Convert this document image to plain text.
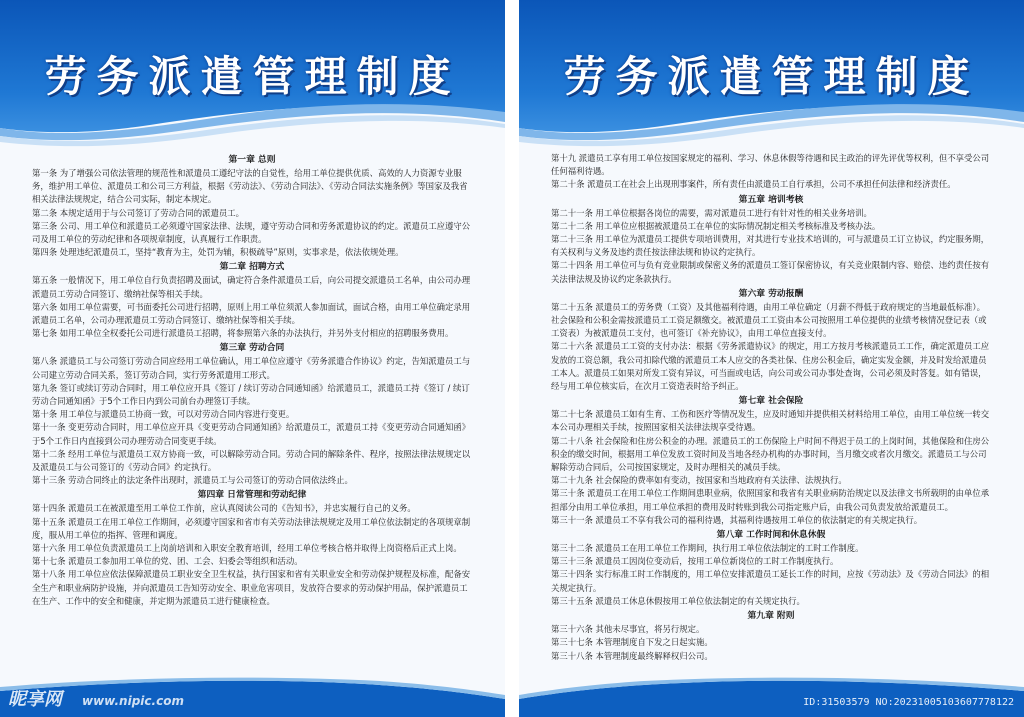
劳务派遣管理制度
第一章 总则

第一条 为了增强公司依法管理的规范性和派遣员工遵纪守法的自觉性，给用工单位提供优质、高效的人力资源专业服务，维护用工单位、派遣员工和公司三方利益，根据《劳动法》、《劳动合同法》、《劳动合同法实施条例》等国家及我省相关法律法规规定，结合公司实际，制定本规定。

第二条 本规定适用于与公司签订了劳动合同的派遣员工。

第三条 公司、用工单位和派遣员工必须遵守国家法律、法规，遵守劳动合同和劳务派遣协议的约定。派遣员工应遵守公司及用工单位的劳动纪律和各项规章制度，认真履行工作职责。

第四条 处理违纪派遣员工，坚持“教育为主，处罚为辅，积极疏导”原则，实事求是，依法依规处理。

第二章 招聘方式

第五条 一般情况下，用工单位自行负责招聘及面试，确定符合条件派遣员工后，向公司提交派遣员工名单，由公司办理派遣员工劳动合同签订、缴纳社保等相关手续。

第六条 如用工单位需要，可书面委托公司进行招聘，原则上用工单位须派人参加面试，面试合格，由用工单位确定录用派遣员工名单，公司办理派遣员工劳动合同签订、缴纳社保等相关手续。

第七条 如用工单位全权委托公司进行派遣员工招聘，将参照第六条的办法执行，并另外支付相应的招聘服务费用。

第三章 劳动合同

第八条 派遣员工与公司签订劳动合同应经用工单位确认，用工单位应遵守《劳务派遣合作协议》约定，告知派遣员工与公司建立劳动合同关系，签订劳动合同，实行劳务派遣用工形式。

第九条 签订或续订劳动合同时，用工单位应开具《签订 / 续订劳动合同通知函》给派遣员工，派遣员工持《签订 / 续订劳动合同通知函》于5个工作日内到公司前台办理签订手续。

第十条 用工单位与派遣员工协商一致，可以对劳动合同内容进行变更。

第十一条 变更劳动合同时，用工单位应开具《变更劳动合同通知函》给派遣员工，派遣员工持《变更劳动合同通知函》于5个工作日内直接到公司办理劳动合同变更手续。

第十二条 经用工单位与派遣员工双方协商一致，可以解除劳动合同。劳动合同的解除条件、程序，按照法律法规规定以及派遣员工与公司签订的《劳动合同》约定执行。

第十三条 劳动合同终止的法定条件出现时，派遣员工与公司签订的劳动合同依法终止。

第四章 日常管理和劳动纪律

第十四条 派遣员工在被派遣至用工单位工作前，应认真阅读公司的《告知书》，并忠实履行自己的义务。

第十五条 派遣员工在用工单位工作期间，必须遵守国家和省市有关劳动法律法规规定及用工单位依法制定的各项规章制度，服从用工单位的指挥、管理和调度。

第十六条 用工单位负责派遣员工上岗前培训和入职安全教育培训，经用工单位考核合格并取得上岗资格后正式上岗。

第十七条 派遣员工参加用工单位的党、团、工会、妇委会等组织和活动。

第十八条 用工单位应依法保障派遣员工职业安全卫生权益，执行国家和省有关职业安全和劳动保护规程及标准，配备安全生产和职业病防护设施，并向派遣员工告知劳动安全、职业危害项目，发放符合要求的劳动保护用品，保护派遣员工在生产、工作中的安全和健康，并定期为派遣员工进行健康检查。

昵享网 www.nipic.com
劳务派遣管理制度

第十九 派遣员工享有用工单位按国家规定的福利、学习、休息休假等待遇和民主政治的评先评优等权利，但不享受公司任何福利待遇。

第二十条 派遣员工在社会上出现刑事案件，所有责任由派遣员工自行承担，公司不承担任何法律和经济责任。

第五章 培训考核

第二十一条 用工单位根据各岗位的需要，需对派遣员工进行有针对性的相关业务培训。

第二十二条 用工单位应根据被派遣员工在单位的实际情况制定相关考核标准及考核办法。

第二十三条 用工单位为派遣员工提供专项培训费用，对其进行专业技术培训的，可与派遣员工订立协议，约定服务期，有关权利与义务及违约责任按法律法规和协议约定执行。

第二十四条 用工单位可与负有竞业限制或保密义务的派遣员工签订保密协议，有关竞业限制内容、赔偿、违约责任按有关法律法规及协议约定条款执行。

第六章 劳动报酬

第二十五条 派遣员工的劳务费（工资）及其他福利待遇，由用工单位确定（月薪不得低于政府规定的当地最低标准）。社会保险和公积金需按派遣员工工资足额缴交。被派遣员工工资由本公司按照用工单位提供的业绩考核情况登记表（或工资表）为被派遣员工支付，也可签订《补充协议》，由用工单位直接支付。

第二十六条 派遣员工工资的支付办法：根据《劳务派遣协议》的规定，用工方按月考核派遣员工工作，确定派遣员工应发放的工资总额，我公司扣除代缴的派遣员工本人应交的各类社保、住房公积金后，确定实发金额，并及时发给派遣员工本人。派遣员工如果对所发工资有异议，可当面或电话，向公司或公司办事处查询，公司必须及时答复。如有错误，经与用工单位核实后，在次月工资造表时给予纠正。

第七章 社会保险

第二十七条 派遣员工如有生育、工伤和医疗等情况发生，应及时通知并提供相关材料给用工单位，由用工单位统一转交本公司办理相关手续，按照国家相关法律法规享受待遇。

第二十八条 社会保险和住房公积金的办理。派遣员工的工伤保险上户时间不得迟于员工的上岗时间，其他保险和住房公积金的缴交时间，根据用工单位发放工资时间及当地各经办机构的办事时间，当月缴交或者次月缴交。派遣员工与公司解除劳动合同后，公司按国家规定，及时办理相关的减员手续。

第二十九条 社会保险的费率如有变动，按国家和当地政府有关法律、法规执行。

第三十条 派遣员工在用工单位工作期间患职业病，依照国家和我省有关职业病防治规定以及法律文书所载明的由单位承担部分由用工单位承担，用工单位承担的费用及时转账到我公司指定账户后，由我公司负责发放给派遣员工。

第三十一条 派遣员工不享有我公司的福利待遇，其福利待遇按用工单位的依法制定的有关规定执行。

第八章 工作时间和休息休假

第三十二条 派遣员工在用工单位工作期间，执行用工单位依法制定的工时工作制度。

第三十三条 派遣员工因岗位变动后，按用工单位新岗位的工时工作制度执行。

第三十四条 实行标准工时工作制度的，用工单位安排派遣员工延长工作的时间，应按《劳动法》及《劳动合同法》的相关规定执行。

第三十五条 派遣员工休息休假按用工单位依法制定的有关规定执行。

第九章 附则

第三十六条 其他未尽事宜，将另行规定。

第三十七条 本管理制度自下发之日起实施。

第三十八条 本管理制度最终解释权归公司。

ID:31503579 NO:20231005103607778122
